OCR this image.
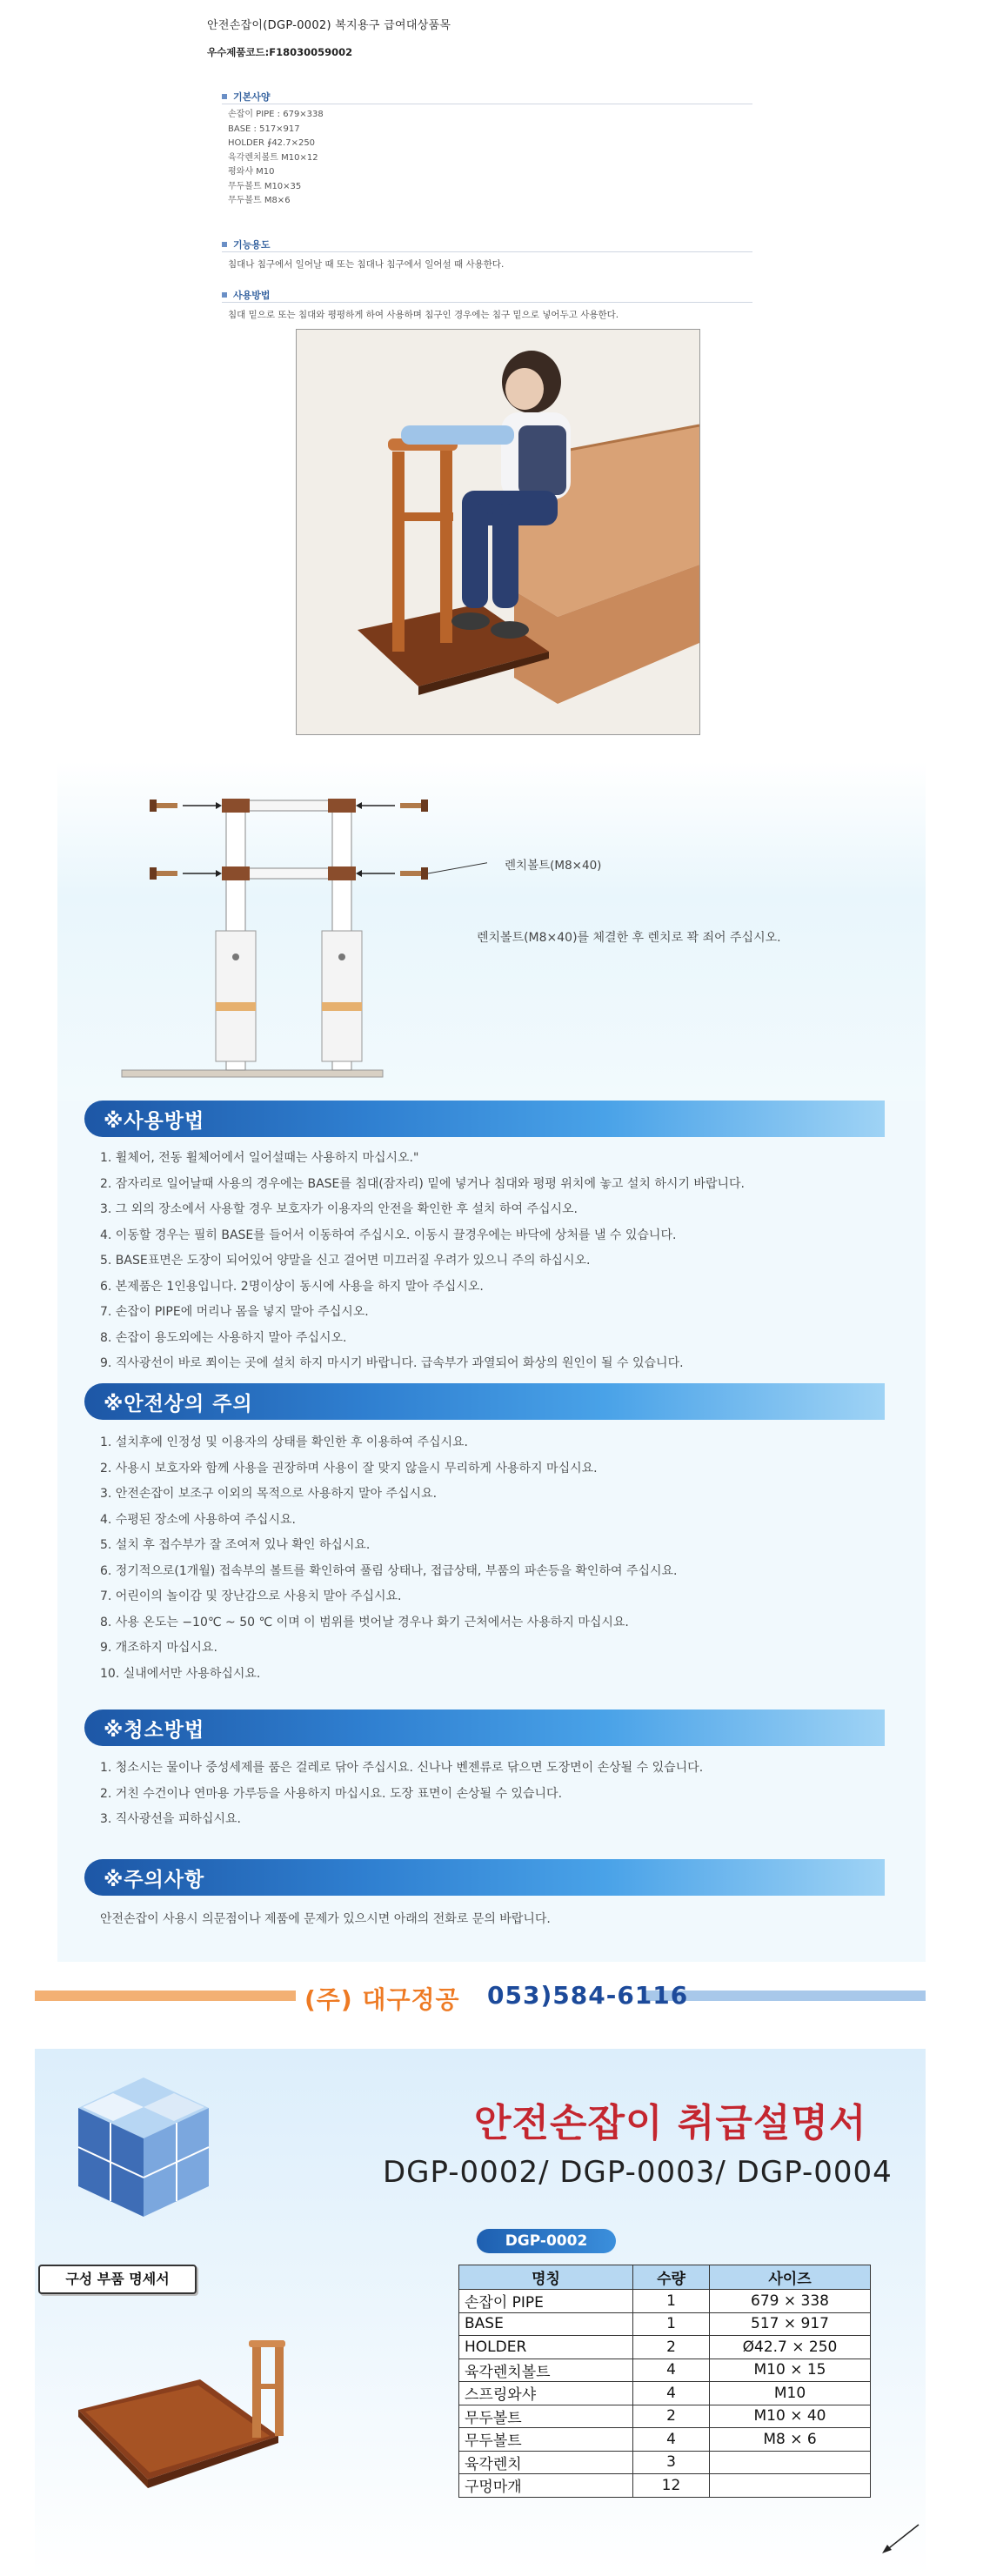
안전손잡이(DGP-0002) 복지용구 급여대상품목
우수제품코드:F18030059002
기본사양
손잡이 PIPE : 679×338
BASE : 517×917
HOLDER ∮42.7×250
육각렌치볼트 M10×12
평와샤 M10
무두볼트 M10×35
무두볼트 M8×6
기능용도
침대나 침구에서 일어날 때 또는 침대나 침구에서 일어설 때 사용한다.
사용방법
침대 밑으로 또는 침대와 평평하게 하여 사용하며 침구인 경우에는 침구 밑으로 넣어두고 사용한다.
렌치볼트(M8×40)
렌치볼트(M8×40)를 체결한 후 렌치로 꽉 죄어 주십시오.
※사용방법
1. 휠체어, 전동 휠체어에서 일어설때는 사용하지 마십시오."
2. 잠자리로 일어날때 사용의 경우에는 BASE를 침대(잠자리) 밑에 넣거나 침대와 평평 위치에 놓고 설치 하시기 바랍니다.
3. 그 외의 장소에서 사용할 경우 보호자가 이용자의 안전을 확인한 후 설치 하여 주십시오.
4. 이동할 경우는 필히 BASE를 들어서 이동하여 주십시오. 이동시 끌경우에는 바닥에 상처를 낼 수 있습니다.
5. BASE표면은 도장이 되어있어 양말을 신고 걸어면 미끄러질 우려가 있으니 주의 하십시오.
6. 본제품은 1인용입니다. 2명이상이 동시에 사용을 하지 말아 주십시오.
7. 손잡이 PIPE에 머리나 몸을 넣지 말아 주십시오.
8. 손잡이 용도외에는 사용하지 말아 주십시오.
9. 직사광선이 바로 쬐이는 곳에 설치 하지 마시기 바랍니다. 급속부가 과열되어 화상의 원인이 될 수 있습니다.
※안전상의 주의
1. 설치후에 인정성 및 이용자의 상태를 확인한 후 이용하여 주십시요.
2. 사용시 보호자와 함께 사용을 권장하며 사용이 잘 맞지 않을시 무리하게 사용하지 마십시요.
3. 안전손잡이 보조구 이외의 목적으로 사용하지 말아 주십시요.
4. 수평된 장소에 사용하여 주십시요.
5. 설치 후 접수부가 잘 조여져 있나 확인 하십시요.
6. 정기적으로(1개월) 접속부의 볼트를 확인하여 풀림 상태나, 접급상태, 부품의 파손등을 확인하여 주십시요.
7. 어린이의 놀이감 및 장난감으로 사용치 말아 주십시요.
8. 사용 온도는 −10℃ ~ 50 ℃ 이며 이 범위를 벗어날 경우나 화기 근처에서는 사용하지 마십시요.
9. 개조하지 마십시요.
10. 실내에서만 사용하십시요.
※청소방법
1. 청소시는 물이나 중성세제를 품은 걸레로 닦아 주십시요. 신나나 벤젠류로 닦으면 도장면이 손상될 수 있습니다.
2. 거친 수건이나 연마용 가루등을 사용하지 마십시요. 도장 표면이 손상될 수 있습니다.
3. 직사광선을 피하십시요.
※주의사항
안전손잡이 사용시 의문점이나 제품에 문제가 있으시면 아래의 전화로 문의 바랍니다.
(주) 대구정공 053)584-6116
안전손잡이 취급설명서
DGP-0002/ DGP-0003/ DGP-0004
DGP-0002
구성 부품 명세서	명칭	수량	사이즈
손잡이 PIPE	1	679 × 338
BASE	1	517 × 917
HOLDER	2	Ø42.7 × 250
육각렌치볼트	4	M10 × 15
스프링와샤	4	M10
무두볼트	2	M10 × 40
무두볼트	4	M8 × 6
육각렌치	3	
구멍마개	12	
